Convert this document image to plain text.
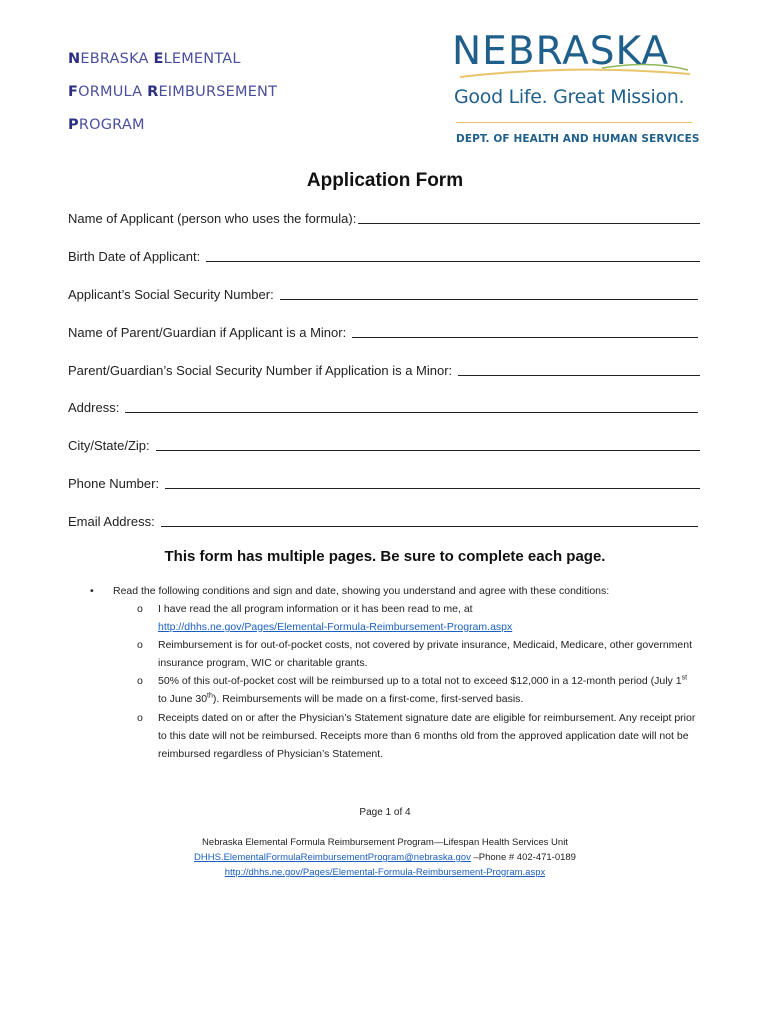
NEBRASKA ELEMENTAL
FORMULA REIMBURSEMENT
PROGRAM
NEBRASKA
Good Life. Great Mission.
DEPT. OF HEALTH AND HUMAN SERVICES
Application Form
Name of Applicant (person who uses the formula):
Birth Date of Applicant:
Applicant’s Social Security Number:
Name of Parent/Guardian if Applicant is a Minor:
Parent/Guardian’s Social Security Number if Application is a Minor:
Address:
City/State/Zip:
Phone Number:
Email Address:
This form has multiple pages. Be sure to complete each page.
• Read the following conditions and sign and date, showing you understand and agree with these conditions:
o I have read the all program information or it has been read to me, at
http://dhhs.ne.gov/Pages/Elemental-Formula-Reimbursement-Program.aspx
o Reimbursement is for out-of-pocket costs, not covered by private insurance, Medicaid, Medicare, other government insurance program, WIC or charitable grants.
o 50% of this out-of-pocket cost will be reimbursed up to a total not to exceed $12,000 in a 12-month period (July 1st to June 30th). Reimbursements will be made on a first-come, first-served basis.
o Receipts dated on or after the Physician’s Statement signature date are eligible for reimbursement. Any receipt prior to this date will not be reimbursed. Receipts more than 6 months old from the approved application date will not be reimbursed regardless of Physician’s Statement.
Page 1 of 4
Nebraska Elemental Formula Reimbursement Program—Lifespan Health Services Unit
DHHS.ElementalFormulaReimbursementProgram@nebraska.gov –Phone # 402-471-0189
http://dhhs.ne.gov/Pages/Elemental-Formula-Reimbursement-Program.aspx
